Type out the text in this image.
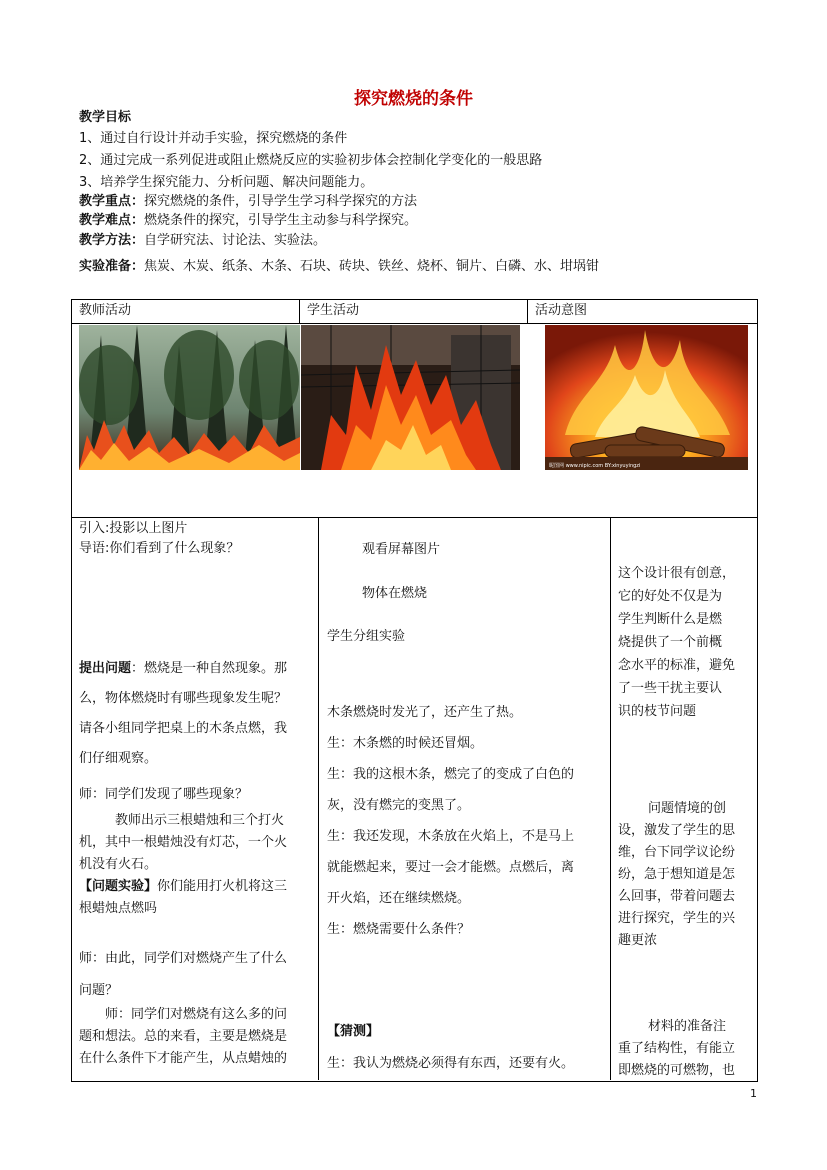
探究燃烧的条件
教学目标
1、通过自行设计并动手实验，探究燃烧的条件
2、通过完成一系列促进或阻止燃烧反应的实验初步体会控制化学变化的一般思路
3、培养学生探究能力、分析问题、解决问题能力。
教学重点：探究燃烧的条件，引导学生学习科学探究的方法
教学难点：燃烧条件的探究，引导学生主动参与科学探究。
教学方法：自学研究法、讨论法、实验法。
实验准备：焦炭、木炭、纸条、木条、石块、砖块、铁丝、烧杯、铜片、白磷、水、坩埚钳
教师活动	学生活动	活动意图
昵图网 www.nipic.com BY:xinyuyingzi
引入:投影以上图片
导语:你们看到了什么现象？
提出问题：燃烧是一种自然现象。那
么，物体燃烧时有哪些现象发生呢？
请各小组同学把桌上的木条点燃，我
们仔细观察。
师：同学们发现了哪些现象？
教师出示三根蜡烛和三个打火
机，其中一根蜡烛没有灯芯，一个火
机没有火石。
【问题实验】你们能用打火机将这三
根蜡烛点燃吗
师：由此，同学们对燃烧产生了什么
问题？
师：同学们对燃烧有这么多的问
题和想法。总的来看，主要是燃烧是
在什么条件下才能产生，从点蜡烛的
观看屏幕图片
物体在燃烧
学生分组实验
木条燃烧时发光了，还产生了热。
生：木条燃的时候还冒烟。
生：我的这根木条，燃完了的变成了白色的
灰，没有燃完的变黑了。
生：我还发现，木条放在火焰上，不是马上
就能燃起来，要过一会才能燃。点燃后，离
开火焰，还在继续燃烧。
生：燃烧需要什么条件？
【猜测】
生：我认为燃烧必须得有东西，还要有火。
这个设计很有创意，
它的好处不仅是为
学生判断什么是燃
烧提供了一个前概
念水平的标准，避免
了一些干扰主要认
识的枝节问题
问题情境的创
设，激发了学生的思
维，台下同学议论纷
纷，急于想知道是怎
么回事，带着问题去
进行探究，学生的兴
趣更浓
材料的准备注
重了结构性，有能立
即燃烧的可燃物，也
1
